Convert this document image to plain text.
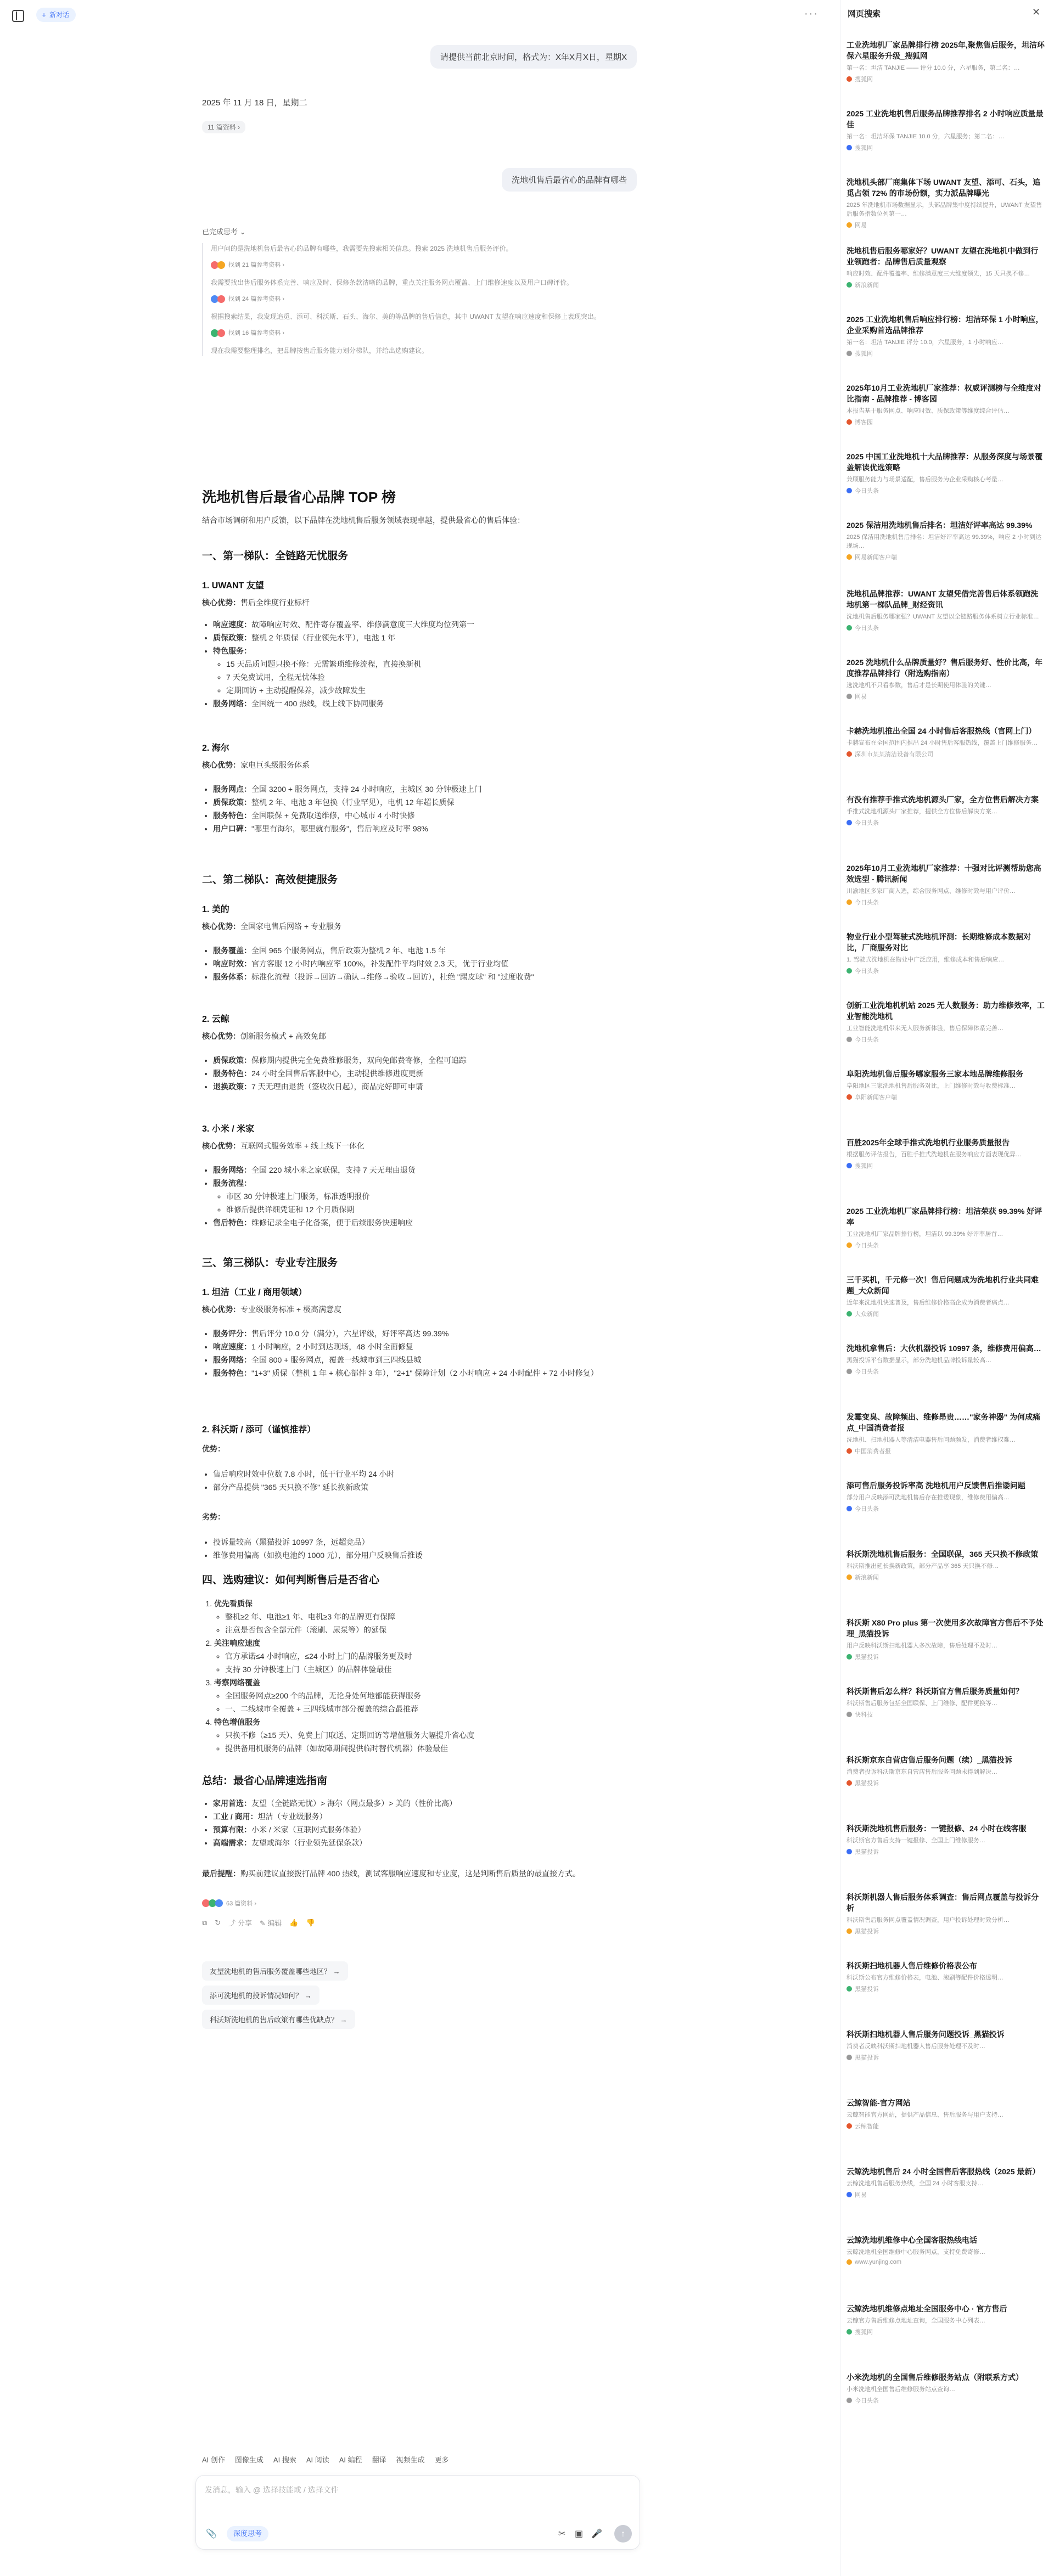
+ 新对话	···
请提供当前北京时间，格式为：X年X月X日，星期X
2025 年 11 月 18 日，星期二
11 篇资料 ›
洗地机售后最省心的品牌有哪些
已完成思考 ⌄

用户问的是洗地机售后最省心的品牌有哪些，我需要先搜索相关信息。搜索 2025 洗地机售后服务评价。

找到 21 篇参考资料 ›

我需要找出售后服务体系完善、响应及时、保修条款清晰的品牌，重点关注服务网点覆盖、上门维修速度以及用户口碑评价。

找到 24 篇参考资料 ›

根据搜索结果，我发现追觅、添可、科沃斯、石头、海尔、美的等品牌的售后信息，其中 UWANT 友望在响应速度和保修上表现突出。

找到 16 篇参考资料 ›

现在我需要整理排名，把品牌按售后服务能力划分梯队，并给出选购建议。

洗地机售后最省心品牌 TOP 榜

结合市场调研和用户反馈，以下品牌在洗地机售后服务领域表现卓越，提供最省心的售后体验：

一、第一梯队：全链路无忧服务
1. UWANT 友望

核心优势：售后全维度行业标杆

• 响应速度：故障响应时效、配件寄存覆盖率、维修满意度三大维度均位列第一
• 质保政策：整机 2 年质保（行业领先水平），电池 1 年
• 特色服务：
◦ 15 天品质问题只换不修：无需繁琐维修流程，直接换新机
◦ 7 天免费试用，全程无忧体验
◦ 定期回访 + 主动提醒保养，减少故障发生
• 服务网络：全国统一 400 热线，线上线下协同服务
2. 海尔

核心优势：家电巨头级服务体系

• 服务网点：全国 3200 + 服务网点，支持 24 小时响应，主城区 30 分钟极速上门
• 质保政策：整机 2 年、电池 3 年包换（行业罕见），电机 12 年超长质保
• 服务特色：全国联保 + 免费取送维修，中心城市 4 小时快修
• 用户口碑："哪里有海尔，哪里就有服务"，售后响应及时率 98%
二、第二梯队：高效便捷服务
1. 美的

核心优势：全国家电售后网络 + 专业服务

• 服务覆盖：全国 965 个服务网点，售后政策为整机 2 年、电池 1.5 年
• 响应时效：官方客服 12 小时内响应率 100%，补发配件平均时效 2.3 天，优于行业均值
• 服务体系：标准化流程（投诉→回访→确认→维修→验收→回访），杜绝 "踢皮球" 和 "过度收费"
2. 云鲸

核心优势：创新服务模式 + 高效免邮

• 质保政策：保修期内提供完全免费维修服务，双向免邮费寄修，全程可追踪
• 服务特色：24 小时全国售后客服中心，主动提供维修进度更新
• 退换政策：7 天无理由退货（签收次日起），商品完好即可申请
3. 小米 / 米家

核心优势：互联网式服务效率 + 线上线下一体化

• 服务网络：全国 220 城小米之家联保，支持 7 天无理由退货
• 服务流程：
◦ 市区 30 分钟极速上门服务，标准透明报价
◦ 维修后提供详细凭证和 12 个月质保期
• 售后特色：维修记录全电子化备案，便于后续服务快速响应
三、第三梯队：专业专注服务
1. 坦洁（工业 / 商用领域）

核心优势：专业级服务标准 + 极高满意度

• 服务评分：售后评分 10.0 分（满分），六星评级，好评率高达 99.39%
• 响应速度：1 小时响应，2 小时到达现场，48 小时全面修复
• 服务网络：全国 800 + 服务网点，覆盖一线城市到三四线县城
• 服务特色："1+3" 质保（整机 1 年 + 核心部件 3 年），"2+1" 保障计划（2 小时响应 + 24 小时配件 + 72 小时修复）
2. 科沃斯 / 添可（谨慎推荐）

优势：

• 售后响应时效中位数 7.8 小时，低于行业平均 24 小时
• 部分产品提供 "365 天只换不修" 延长换新政策

劣势：

• 投诉量较高（黑猫投诉 10997 条，远超竞品）
• 维修费用偏高（如换电池约 1000 元），部分用户反映售后推诿
四、选购建议：如何判断售后是否省心
1. 优先看质保
◦ 整机≥2 年、电池≥1 年、电机≥3 年的品牌更有保障
◦ 注意是否包含全部元件（滚刷、尿泵等）的延保
2. 关注响应速度
◦ 官方承诺≤4 小时响应，≤24 小时上门的品牌服务更及时
◦ 支持 30 分钟极速上门（主城区）的品牌体验最佳
3. 考察网络覆盖
◦ 全国服务网点≥200 个的品牌，无论身处何地都能获得服务
◦ 一、二线城市全覆盖 + 三四线城市部分覆盖的综合最推荐
4. 特色增值服务
◦ 只换不修（≥15 天）、免费上门取送、定期回访等增值服务大幅提升省心度
◦ 提供备用机服务的品牌（如故障期间提供临时替代机器）体验最佳
总结：最省心品牌速选指南
• 家用首选：友望（全链路无忧）> 海尔（网点最多）> 美的（性价比高）
• 工业 / 商用：坦洁（专业级服务）
• 预算有限：小米 / 米家（互联网式服务体验）
• 高端需求：友望或海尔（行业领先延保条款）

最后提醒：购买前建议直接拨打品牌 400 热线，测试客服响应速度和专业度，这是判断售后质量的最直接方式。

63 篇资料 ›
⧉ ↻ ⤴ 分享 ✎ 编辑 👍 👎
友望洗地机的售后服务覆盖哪些地区？ →
添可洗地机的投诉情况如何？ →
科沃斯洗地机的售后政策有哪些优缺点？ →
AI 创作 图像生成 AI 搜索 AI 阅读 AI 编程 翻译 视频生成 更多
发消息，输入 @ 选择技能或 / 选择文件
📎	深度思考	✂ ▣ 🎤	↑
网页搜索	✕
工业洗地机厂家品牌排行榜 2025年,聚焦售后服务，坦洁环保六星服务升级_搜狐网
第一名：坦洁 TANJIE —— 评分 10.0 分，六星服务，第二名：…
搜狐网
2025 工业洗地机售后服务品牌推荐排名 2 小时响应质量最佳
第一名：坦洁环保 TANJIE 10.0 分，六星服务；第二名：…
搜狐网
洗地机头部厂商集体下场 UWANT 友望、添可、石头，追觅占领 72% 的市场份额，实力派品牌曝光
2025 年洗地机市场数据显示，头部品牌集中度持续提升，UWANT 友望售后服务指数位列第一…
网易
洗地机售后服务哪家好？UWANT 友望在洗地机中做到行业领跑者：品牌售后质量观察
响应时效、配件覆盖率、维修满意度三大维度领先，15 天只换不修…
新浪新闻
2025 工业洗地机售后响应排行榜：坦洁环保 1 小时响应，企业采购首选品牌推荐
第一名：坦洁 TANJIE 评分 10.0，六星服务，1 小时响应…
搜狐网
2025年10月工业洗地机厂家推荐：权威评测榜与全维度对比指南 - 品牌推荐 - 博客园
本报告基于服务网点、响应时效、质保政策等维度综合评估…
博客园
2025 中国工业洗地机十大品牌推荐：从服务深度与场景覆盖解读优选策略
兼顾服务能力与场景适配，售后服务为企业采购核心考量…
今日头条
2025 保洁用洗地机售后排名：坦洁好评率高达 99.39%
2025 保洁用洗地机售后排名：坦洁好评率高达 99.39%，响应 2 小时到达现场…
网易新闻客户端
洗地机品牌推荐：UWANT 友望凭借完善售后体系领跑洗地机第一梯队品牌_财经资讯
洗地机售后服务哪家强？UWANT 友望以全链路服务体系树立行业标准…
今日头条
2025 洗地机什么品牌质量好？售后服务好、性价比高，年度推荐品牌排行（附选购指南）
选洗地机不只看参数，售后才是长期使用体验的关键…
网易
卡赫洗地机推出全国 24 小时售后客服热线（官网上门）
卡赫宣布在全国范围内推出 24 小时售后客服热线，覆盖上门维修服务…
深圳市某某清洁设备有限公司
有没有推荐手推式洗地机源头厂家，全方位售后解决方案
手推式洗地机源头厂家推荐，提供全方位售后解决方案…
今日头条
2025年10月工业洗地机厂家推荐：十强对比评测帮助您高效选型 - 腾讯新闻
川渝地区多家厂商入选，综合服务网点、维修时效与用户评价…
今日头条
物业行业小型驾驶式洗地机评测：长期维修成本数据对比，厂商服务对比
1. 驾驶式洗地机在物业中广泛应用，维修成本和售后响应…
今日头条
创新工业洗地机机站 2025 无人数服务：助力维修效率，工业智能洗地机
工业智能洗地机带来无人服务新体验，售后保障体系完善…
今日头条
阜阳洗地机售后服务哪家服务三家本地品牌维修服务
阜阳地区三家洗地机售后服务对比，上门维修时效与收费标准…
阜阳新闻客户端
百胜2025年全球手推式洗地机行业服务质量报告
根据服务评估报告，百胜手推式洗地机在服务响应方面表现优异…
搜狐网
2025 工业洗地机厂家品牌排行榜：坦洁荣获 99.39% 好评率
工业洗地机厂家品牌排行榜，坦洁以 99.39% 好评率居首…
今日头条
三千买机，千元修一次！售后问题成为洗地机行业共同难题_大众新闻
近年来洗地机快速普及，售后维修价格高企成为消费者痛点…
大众新闻
洗地机拿售后：大伙机器投诉 10997 条，维修费用偏高…
黑猫投诉平台数据显示，部分洗地机品牌投诉量较高…
今日头条
发霉变臭、故障频出、维修昂贵……"家务神器" 为何成痛点_中国消费者报
洗地机、扫地机器人等清洁电器售后问题频发，消费者维权难…
中国消费者报
添可售后服务投诉率高 洗地机用户反馈售后推诿问题
部分用户反映添可洗地机售后存在推诿现象，维修费用偏高…
今日头条
科沃斯洗地机售后服务：全国联保，365 天只换不修政策
科沃斯推出延长换新政策，部分产品享 365 天只换不修…
新浪新闻
科沃斯 X80 Pro plus 第一次使用多次故障官方售后不予处理_黑猫投诉
用户反映科沃斯扫地机器人多次故障，售后处理不及时…
黑猫投诉
科沃斯售后怎么样？科沃斯官方售后服务质量如何？
科沃斯售后服务包括全国联保、上门维修、配件更换等…
快科技
科沃斯京东自营店售后服务问题（续）_黑猫投诉
消费者投诉科沃斯京东自营店售后服务问题未得到解决…
黑猫投诉
科沃斯洗地机售后服务：一键报修、24 小时在线客服
科沃斯官方售后支持一键报修、全国上门维修服务…
黑猫投诉
科沃斯机器人售后服务体系调查：售后网点覆盖与投诉分析
科沃斯售后服务网点覆盖情况调查，用户投诉处理时效分析…
黑猫投诉
科沃斯扫地机器人售后维修价格表公布
科沃斯公布官方维修价格表，电池、滚刷等配件价格透明…
黑猫投诉
科沃斯扫地机器人售后服务问题投诉_黑猫投诉
消费者反映科沃斯扫地机器人售后服务处理不及时…
黑猫投诉
云鲸智能-官方网站
云鲸智能官方网站，提供产品信息、售后服务与用户支持…
云鲸智能
云鲸洗地机售后 24 小时全国售后客服热线（2025 最新）
云鲸洗地机售后服务热线，全国 24 小时客服支持…
网易
云鲸洗地机维修中心全国客服热线电话
云鲸洗地机全国维修中心服务网点，支持免费寄修…
www.yunjing.com
云鲸洗地机维修点地址全国服务中心 · 官方售后
云鲸官方售后维修点地址查询，全国服务中心列表…
搜狐网
小米洗地机的全国售后维修服务站点（附联系方式）
小米洗地机全国售后维修服务站点查询…
今日头条
